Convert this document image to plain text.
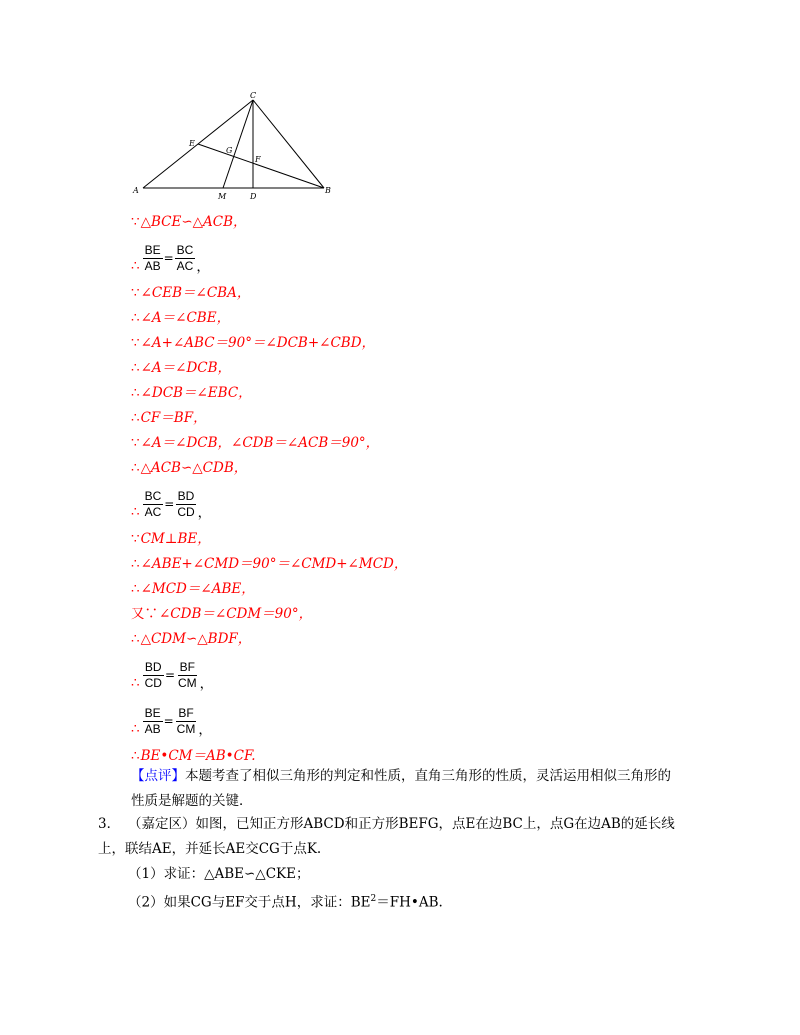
C
E
G
F
A
M	D
B
∵△BCE∽△ACB，
∴ $\frac{BE}{AB} = \frac{BC}{AC}$ ，
∵∠CEB＝∠CBA，
∴∠A＝∠CBE，
∵∠A+∠ABC＝90°＝∠DCB+∠CBD，
∴∠A＝∠DCB，
∴∠DCB＝∠EBC，
∴CF＝BF，
∵∠A＝∠DCB，∠CDB＝∠ACB＝90°，
∴△ACB∽△CDB，
∴ $\frac{BC}{AC} = \frac{BD}{CD}$ ，
∵CM⊥BE，
∴∠ABE+∠CMD＝90°＝∠CMD+∠MCD，
∴∠MCD＝∠ABE，
又∵∠CDB＝∠CDM＝90°，
∴△CDM∽△BDF，
∴ $\frac{BD}{CD} = \frac{BF}{CM}$ ，
∴ $\frac{BE}{AB} = \frac{BF}{CM}$ ，
∴BE•CM＝AB•CF.
【点评】本题考查了相似三角形的判定和性质，直角三角形的性质，灵活运用相似三角形的性质是解题的关键．
3． （嘉定区）如图，已知正方形ABCD和正方形BEFG，点E在边BC上，点G在边AB的延长线上，联结AE，并延长AE交CG于点K.
（1）求证：△ABE∽△CKE；
（2）如果CG与EF交于点H，求证：$BE^2=FH•AB$.
